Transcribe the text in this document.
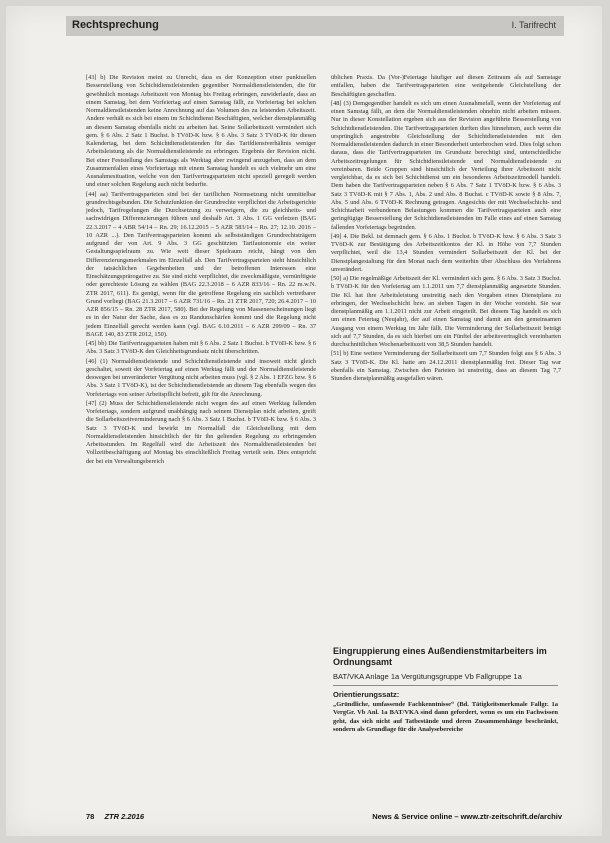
Rechtsprechung	I. Tarifrecht

[43] b) Die Revision meint zu Unrecht, dass es der Konzeption einer punktuellen Besserstellung von Schichtdienstleistenden gegenüber Normaldienstleistenden, die für gewöhnlich montags Arbeitszeit von Montag bis Freitag erbringen, zuwiderlaufe, dass an einem Samstag, bei dem Vorfeiertag auf einen Samstag fällt, zu Vorfeiertag bei solchen Normaldienstleistenden keine Anrechnung auf das Volumen des zu leistenden Arbeitszeit. Andere verhält es sich bei einem im Schichtdienst Beschäftigten, welcher dienstplanmäßig an diesem Samstag ebenfalls nicht zu arbeiten hat. Seine Sollarbeitszeit vermindert sich gem. § 6 Abs. 2 Satz 1 Buchst. b TVöD-K bzw. § 6 Abs. 3 Satz 3 TVöD-K für diesen Kalendertag, bei dem Schichtdienstleistenden für das Tarifdienstverhältnis weniger Arbeitsleistung als die Normaldienstleistende zu erbringen. Ergebnis der Revision nicht. Bei einer Feststellung des Samstags als Werktag aber zwingend anzugeben, dass an dem Zusammenfallen eines Vorfeiertags mit einem Samstag handelt es sich vielmehr um eine Ausnahmesituation, welche von den Tarifvertragsparteien nicht speziell geregelt werden und einer solchen Regelung auch nicht bedurfte.

[44] aa) Tarifvertragsparteien sind bei der tariflichen Normsetzung nicht unmittelbar grundrechtsgebunden. Die Schutzfunktion der Grundrechte verpflichtet die Arbeitsgerichte jedoch, Tarifregelungen die Durchsetzung zu verweigern, die zu gleichheits- und sachwidrigen Differenzierungen führen und deshalb Art. 3 Abs. 1 GG verletzen (BAG 22.3.2017 – 4 ABR 54/14 – Rn. 29; 16.12.2015 – 5 AZR 583/14 – Rn. 27; 12.10. 2016 – 10 AZR ...). Den Tarifvertragsparteien kommt als selbstständigen Grundrechtsträgern aufgrund der von Art. 9 Abs. 3 GG geschützten Tarifautonomie ein weiter Gestaltungsspielraum zu. Wie weit dieser Spielraum reicht, hängt von den Differenzierungsmerkmalen im Einzelfall ab. Den Tarifvertragsparteien steht hinsichtlich der tatsächlichen Gegebenheiten und der betroffenen Interessen eine Einschätzungsprärogative zu. Sie sind nicht verpflichtet, die zweckmäßigste, vernünftigste oder gerechteste Lösung zu wählen (BAG 22.3.2018 – 6 AZR 833/16 – Rn. 22 m.w.N. ZTR 2017, 611). Es genügt, wenn für die getroffene Regelung ein sachlich vertretbarer Grund vorliegt (BAG 21.3.2017 – 6 AZR 731/16 – Rn. 21 ZTR 2017, 720; 26.4.2017 – 10 AZR 856/15 – Rn. 28 ZTR 2017, 580). Bei der Regelung von Massenerscheinungen liegt es in der Natur der Sache, dass es zu Randunschärfen kommt und die Regelung nicht jedem Einzelfall gerecht werden kann (vgl. BAG 6.10.2011 – 6 AZR 299/09 – Rn. 37 BAGE 140, 83 ZTR 2012, 150).

[45] bb) Die Tarifvertragsparteien haben mit § 6 Abs. 2 Satz 1 Buchst. b TVöD-K bzw. § 6 Abs. 3 Satz 3 TVöD-K den Gleichheitsgrundsatz nicht überschritten.

[46] (1) Normaldienstleistende und Schichtdienstleistende sind insoweit nicht gleich geschaltet, soweit der Vorfeiertag auf einen Werktag fällt und der Normaldienstleistende deswegen bei unveränderter Vergütung nicht arbeiten muss (vgl. § 2 Abs. 1 EFZG bzw. § 6 Abs. 3 Satz 1 TVöD-K), ist der Schichtdienstleistende an diesem Tag ebenfalls wegen des Vorfeiertags von seiner Arbeitspflicht befreit, gilt für die Anrechnung.

[47] (2) Muss der Schichtdienstleistende nicht wegen des auf einen Werktag fallenden Vorfeiertags, sondern aufgrund unabhängig nach seinem Dienstplan nicht arbeiten, greift die Sollarbeitszeitverminderung nach § 6 Abs. 3 Satz 1 Buchst. b TVöD-K bzw. § 6 Abs. 3 Satz 3 TVöD-K und bewirkt im Normalfall die Gleichstellung mit dem Normaldienstleistenden hinsichtlich der für ihn geltenden Regelung zu erbringenden Arbeitsstunden. Im Regelfall wird die Arbeitszeit des Normaldienstleistenden bei Vollzeitbeschäftigung auf Montag bis einschließlich Freitag verteilt sein. Dies entspricht der bei ein Verwaltungsbereich

üblichen Praxis. Da (Vor-)Feiertage häufiger auf diesen Zeitraum als auf Samstage entfallen, haben die Tarifvertragsparteien eine weitgehende Gleichstellung der Beschäftigten geschaffen.

[48] (3) Demgegenüber handelt es sich um einen Ausnahmefall, wenn der Vorfeiertag auf einen Samstag fällt, an dem die Normaldienstleistenden ohnehin nicht arbeiten müssen. Nur in dieser Konstellation ergeben sich aus der Revision angeführte Besserstellung von Schichtdienstleistenden. Die Tarifvertragsparteien durften dies hinnehmen, auch wenn die ursprünglich angestrebte Gleichstellung der Schichtdienstleistenden mit den Normaldienstleistenden dadurch in einer Besonderheit unterbrochen wird. Dies folgt schon daraus, dass die Tarifvertragsparteien im Grundsatz berechtigt sind, unterschiedliche Arbeitszeitregelungen für Schichtdienstleistende und Normaldienstleistende zu vereinbaren. Beide Gruppen sind hinsichtlich der Verteilung ihrer Arbeitszeit nicht vergleichbar, da es sich bei Schichtdienst um ein besonderes Arbeitszeitmodell handelt. Dem haben die Tarifvertragsparteien neben § 6 Abs. 7 Satz 1 TVöD-K bzw. § 6 Abs. 3 Satz 3 TVöD-K mit § 7 Abs. 1, Abs. 2 und Abs. 8 Buchst. c TVöD-K sowie § 8 Abs. 7, Abs. 5 und Abs. 6 TVöD-K Rechnung getragen. Angesichts der mit Wechselschicht- und Schichtarbeit verbundenen Belastungen kommen die Tarifvertragsparteien auch eine geringfügige Besserstellung der Schichtdienstleistenden im Falle eines auf einen Samstag fallenden Vorfeiertags begründen.

[49] 4. Die Bekl. ist demnach gem. § 6 Abs. 1 Buchst. b TVöD-K bzw. § 6 Abs. 3 Satz 3 TVöD-K zur Bestätigung des Arbeitszeitkontos der Kl. in Höhe von 7,7 Stunden verpflichtet, weil die 13,4 Stunden vermindert Sollarbeitszeit der Kl. bei der Dienstplangestaltung für den Monat nach dem weiterhin über Abschluss des Verfahrens unverändert.

[50] a) Die regelmäßige Arbeitszeit der Kl. vermindert sich gem. § 6 Abs. 3 Satz 3 Buchst. b TVöD-K für den Vorfeiertag am 1.1.2011 um 7,7 dienstplanmäßig angesetzte Stunden. Die Kl. hat ihre Arbeitsleistung unstreitig nach den Vorgaben eines Dienstplans zu erbringen, der Wechselschicht bzw. an sieben Tagen in der Woche vorsieht. Sie war dienstplanmäßig am 1.1.2011 nicht zur Arbeit eingeteilt. Bei diesem Tag handelt es sich um einen Feiertag (Neujahr), der auf einen Samstag und damit am den gemeinsamen Ausgang von einem Werktag im Jahr fällt. Die Verminderung der Sollarbeitszeit beträgt sich auf 7,7 Stunden, da es sich hierbei um ein Fünftel der arbeitsvertraglich vereinbarten durchschnittlichen Wochenarbeitszeit von 38,5 Stunden handelt.

[51] b) Eine weitere Verminderung der Sollarbeitszeit um 7,7 Stunden folgt aus § 6 Abs. 3 Satz 3 TVöD-K. Die Kl. hatte am 24.12.2011 dienstplanmäßig frei. Dieser Tag war ebenfalls ein Samstag. Zwischen den Parteien ist unstreitig, dass an diesem Tag 7,7 Stunden dienstplanmäßig ausgefallen wären.

Eingruppierung eines Außendienstmitarbeiters im Ordnungsamt
BAT/VKA Anlage 1a Vergütungsgruppe Vb Fallgruppe 1a
Orientierungssatz:
„Gründliche, umfassende Fachkenntnisse“ (Bd. Tätigkeitsmerkmale Fallgr. 1a VergGr. Vb Anl. 1a BAT/VKA sind dann gefordert, wenn es um ein Fachwissen geht, das sich nicht auf Tatbestände und deren Zusammenhänge beschränkt, sondern als Grundlage für die Analysebereiche
78 ZTR 2.2016	News & Service online – www.ztr-zeitschrift.de/archiv
